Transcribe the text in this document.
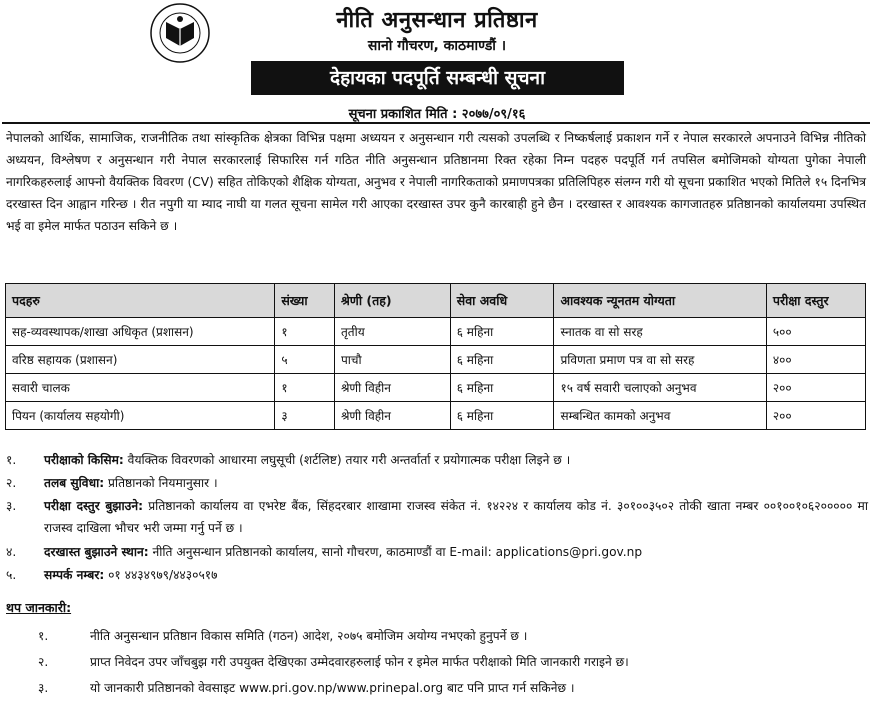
नीति अनुसन्धान प्रतिष्ठान
सानो गौचरण, काठमाण्डौं ।
देहायका पदपूर्ति सम्बन्धी सूचना
सूचना प्रकाशित मिति : २०७७/०९/१६
नेपालको आर्थिक, सामाजिक, राजनीतिक तथा सांस्कृतिक क्षेत्रका विभिन्न पक्षमा अध्ययन र अनुसन्धान गरी त्यसको उपलब्धि र निष्कर्षलाई प्रकाशन गर्ने र नेपाल सरकारले अपनाउने विभिन्न नीतिको अध्ययन, विश्लेषण र अनुसन्धान गरी नेपाल सरकारलाई सिफारिस गर्न गठित नीति अनुसन्धान प्रतिष्ठानमा रिक्त रहेका निम्न पदहरु पदपूर्ति गर्न तपसिल बमोजिमको योग्यता पुगेका नेपाली नागरिकहरुलाई आफ्नो वैयक्तिक विवरण (CV) सहित तोकिएको शैक्षिक योग्यता, अनुभव र नेपाली नागरिकताको प्रमाणपत्रका प्रतिलिपिहरु संलग्न गरी यो सूचना प्रकाशित भएको मितिले १५ दिनभित्र दरखास्त दिन आह्वान गरिन्छ । रीत नपुगी या म्याद नाघी या गलत सूचना सामेल गरी आएका दरखास्त उपर कुनै कारबाही हुने छैन । दरखास्त र आवश्यक कागजातहरु प्रतिष्ठानको कार्यालयमा उपस्थित भई वा इमेल मार्फत पठाउन सकिने छ ।
पदहरु	संख्या	श्रेणी (तह)	सेवा अवधि	आवश्यक न्यूनतम योग्यता	परीक्षा दस्तुर
सह-व्यवस्थापक/शाखा अधिकृत (प्रशासन)	१	तृतीय	६ महिना	स्नातक वा सो सरह	५००
वरिष्ठ सहायक (प्रशासन)	५	पाचौ	६ महिना	प्रविणता प्रमाण पत्र वा सो सरह	४००
सवारी चालक	१	श्रेणी विहीन	६ महिना	१५ वर्ष सवारी चलाएको अनुभव	२००
पियन (कार्यालय सहयोगी)	३	श्रेणी विहीन	६ महिना	सम्बन्धित कामको अनुभव	२००
१.	परीक्षाको किसिम: वैयक्तिक विवरणको आधारमा लघुसूची (शर्टलिष्ट) तयार गरी अन्तर्वार्ता र प्रयोगात्मक परीक्षा लिइने छ ।
२.	तलब सुविधा: प्रतिष्ठानको नियमानुसार ।
३.	परीक्षा दस्तुर बुझाउने: प्रतिष्ठानको कार्यालय वा एभरेष्ट बैंक, सिंहदरबार शाखामा राजस्व संकेत नं. १४२२४ र कार्यालय कोड नं. ३०१००३५०२ तोकी खाता नम्बर ००१००१०६२००००० मा राजस्व दाखिला भौचर भरी जम्मा गर्नु पर्ने छ ।
४.	दरखास्त बुझाउने स्थान: नीति अनुसन्धान प्रतिष्ठानको कार्यालय, सानो गौचरण, काठमाण्डौं वा E-mail: applications@pri.gov.np
५.	सम्पर्क नम्बर: ०१ ४४३४९७९/४४३०५१७
थप जानकारी:
१.	नीति अनुसन्धान प्रतिष्ठान विकास समिति (गठन) आदेश, २०७५ बमोजिम अयोग्य नभएको हुनुपर्ने छ ।
२.	प्राप्त निवेदन उपर जाँचबुझ गरी उपयुक्त देखिएका उम्मेदवारहरुलाई फोन र इमेल मार्फत परीक्षाको मिति जानकारी गराइने छ।
३.	यो जानकारी प्रतिष्ठानको वेवसाइट www.pri.gov.np/www.prinepal.org बाट पनि प्राप्त गर्न सकिनेछ ।
